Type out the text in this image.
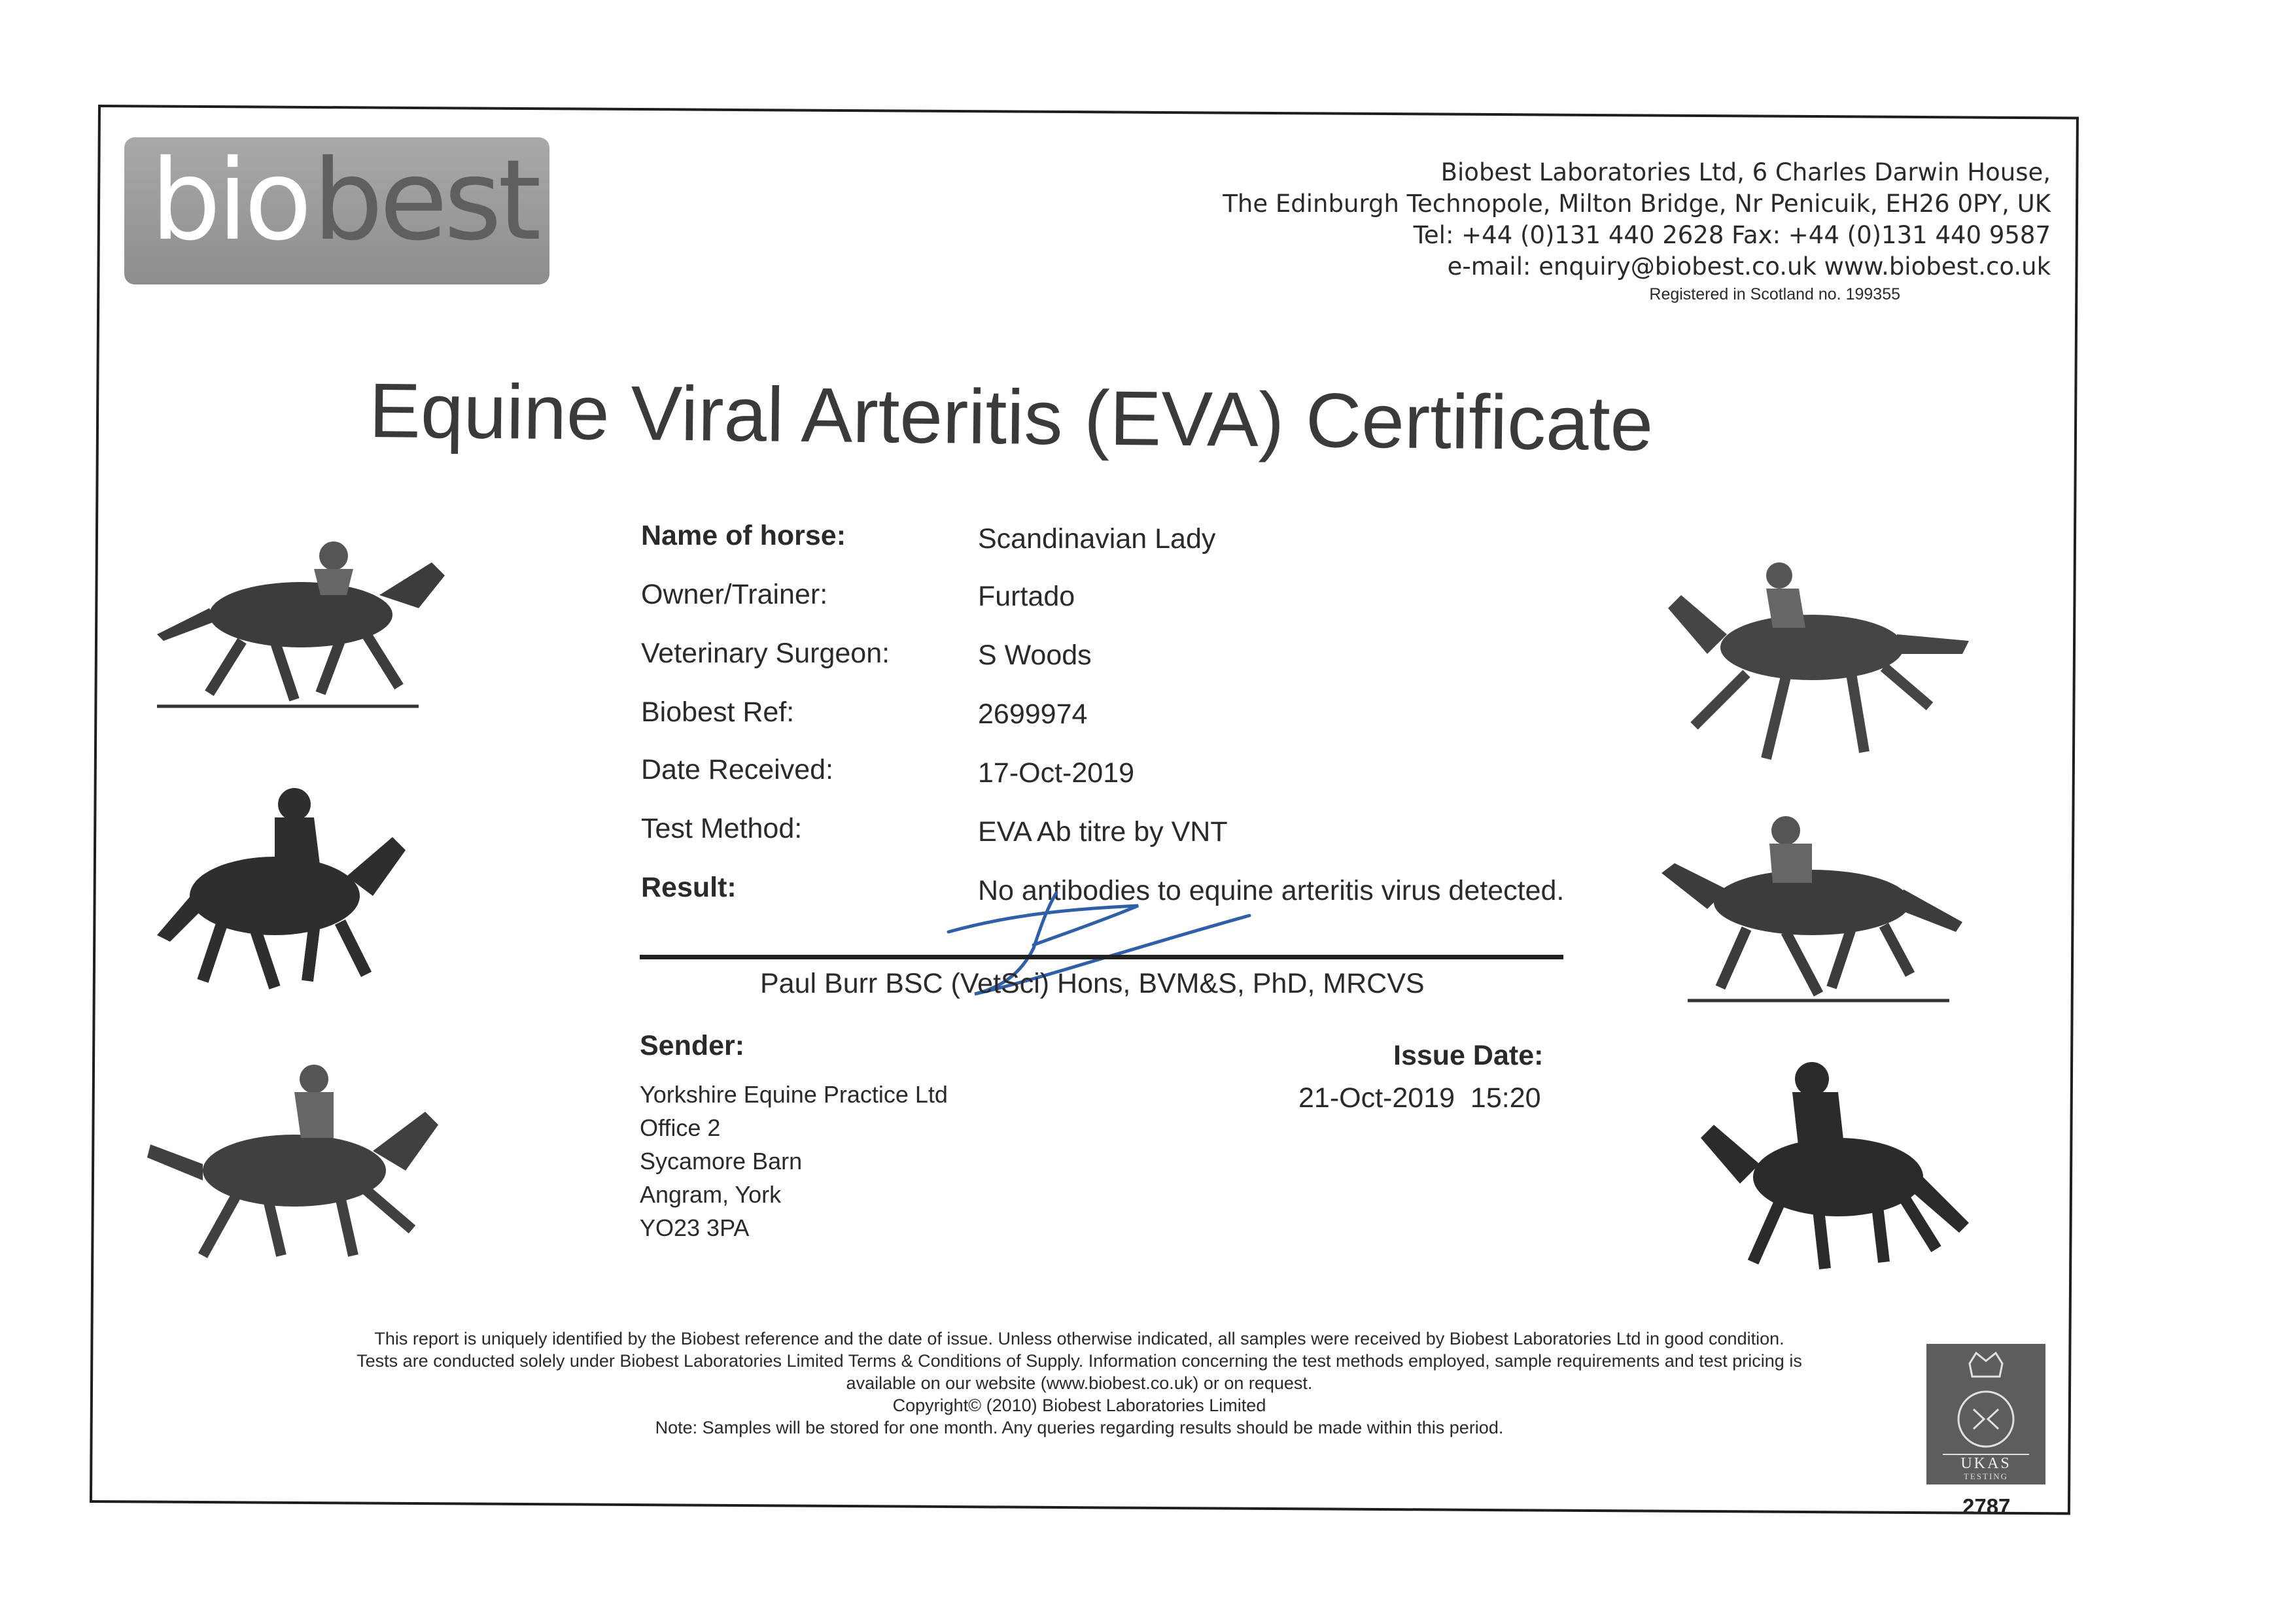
bio best	Biobest Laboratories Ltd, 6 Charles Darwin House,
The Edinburgh Technopole, Milton Bridge, Nr Penicuik, EH26 0PY, UK
Tel: +44 (0)131 440 2628 Fax: +44 (0)131 440 9587
e-mail: enquiry@biobest.co.uk www.biobest.co.uk
Registered in Scotland no. 199355
Equine Viral Arteritis (EVA) Certificate
Name of horse:	Scandinavian Lady
Owner/Trainer:	Furtado
Veterinary Surgeon:	S Woods
Biobest Ref:	2699974
Date Received:	17-Oct-2019
Test Method:	EVA Ab titre by VNT
Result:	No antibodies to equine arteritis virus detected.
Paul Burr BSC (VetSci) Hons, BVM&S, PhD, MRCVS
Sender:
Yorkshire Equine Practice Ltd
Office 2
Sycamore Barn
Angram, York
YO23 3PA
Issue Date:
21-Oct-2019  15:20
This report is uniquely identified by the Biobest reference and the date of issue. Unless otherwise indicated, all samples were received by Biobest Laboratories Ltd in good condition.
Tests are conducted solely under Biobest Laboratories Limited Terms & Conditions of Supply. Information concerning the test methods employed, sample requirements and test pricing is
available on our website (www.biobest.co.uk) or on request.
Copyright© (2010) Biobest Laboratories Limited
Note: Samples will be stored for one month. Any queries regarding results should be made within this period.
UKAS
TESTING
2787
